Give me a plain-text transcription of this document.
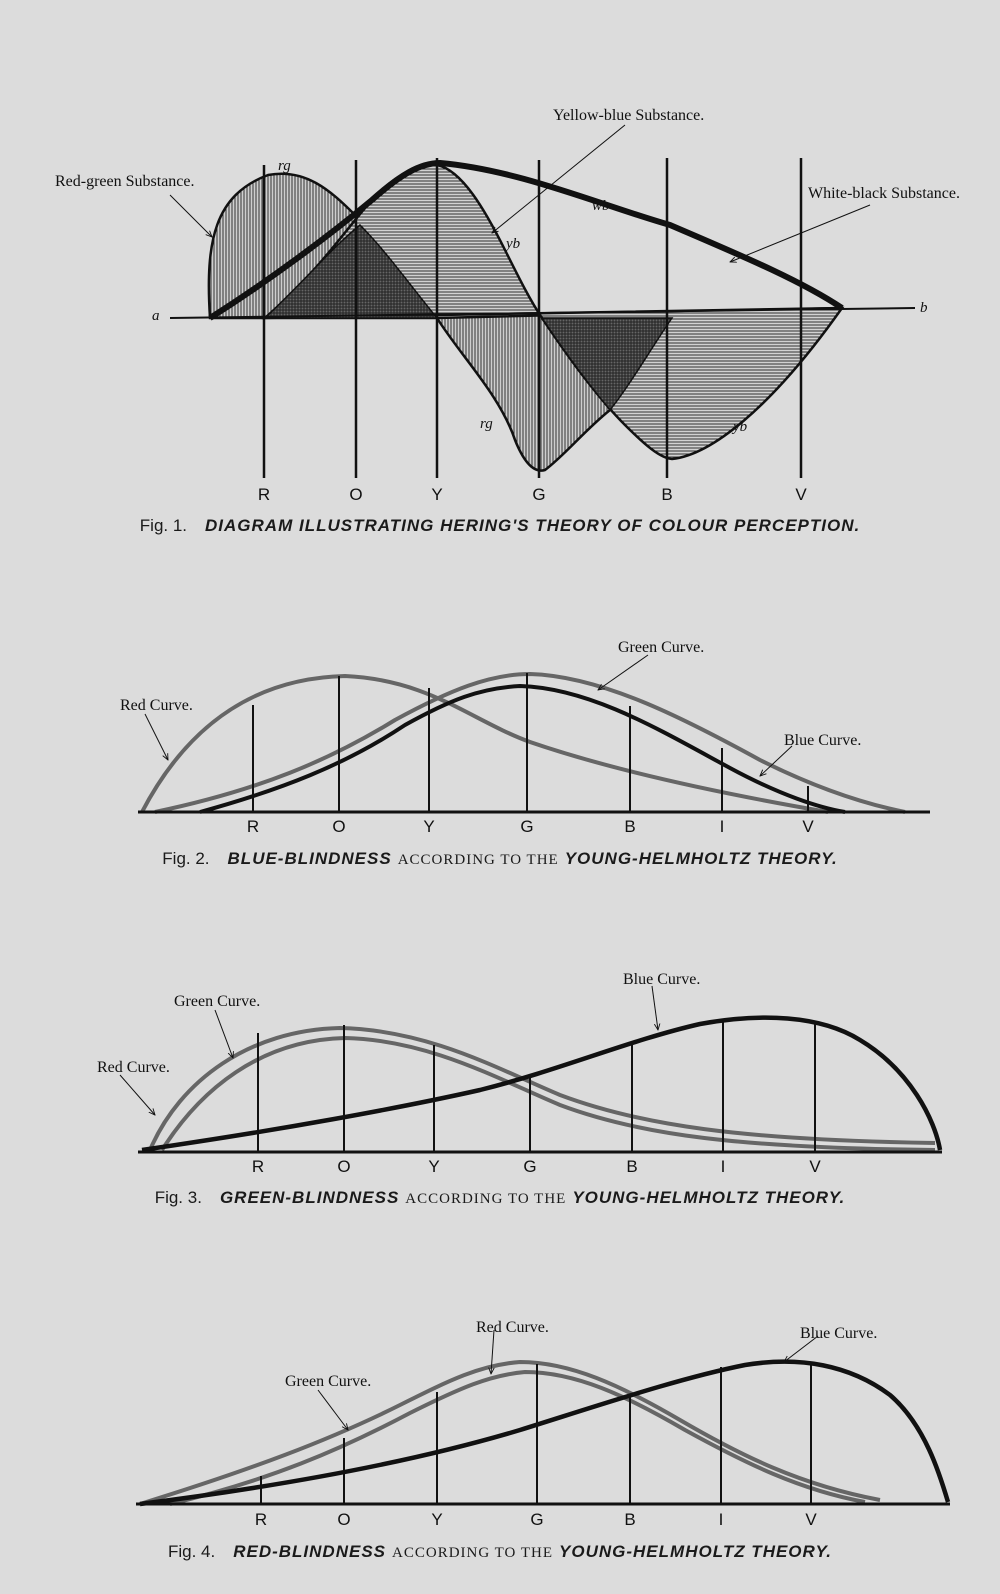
Red-green Substance.
Yellow-blue Substance.
White-black Substance.
rg
rg
yb
yb
wb
a	b
R	O	Y	G	B	V
Red Curve.
Green Curve.
Blue Curve.
R	O	Y	G	B	I	V
Red Curve.
Green Curve.
Blue Curve.
R	O	Y	G	B	I	V
Green Curve.
Red Curve.	Blue Curve.
R	O	Y	G	B	I	V
Fig. 1. DIAGRAM ILLUSTRATING HERING'S THEORY OF COLOUR PERCEPTION.
Fig. 2. BLUE-BLINDNESS ACCORDING TO THE YOUNG-HELMHOLTZ THEORY.
Fig. 3. GREEN-BLINDNESS ACCORDING TO THE YOUNG-HELMHOLTZ THEORY.
Fig. 4. RED-BLINDNESS ACCORDING TO THE YOUNG-HELMHOLTZ THEORY.
